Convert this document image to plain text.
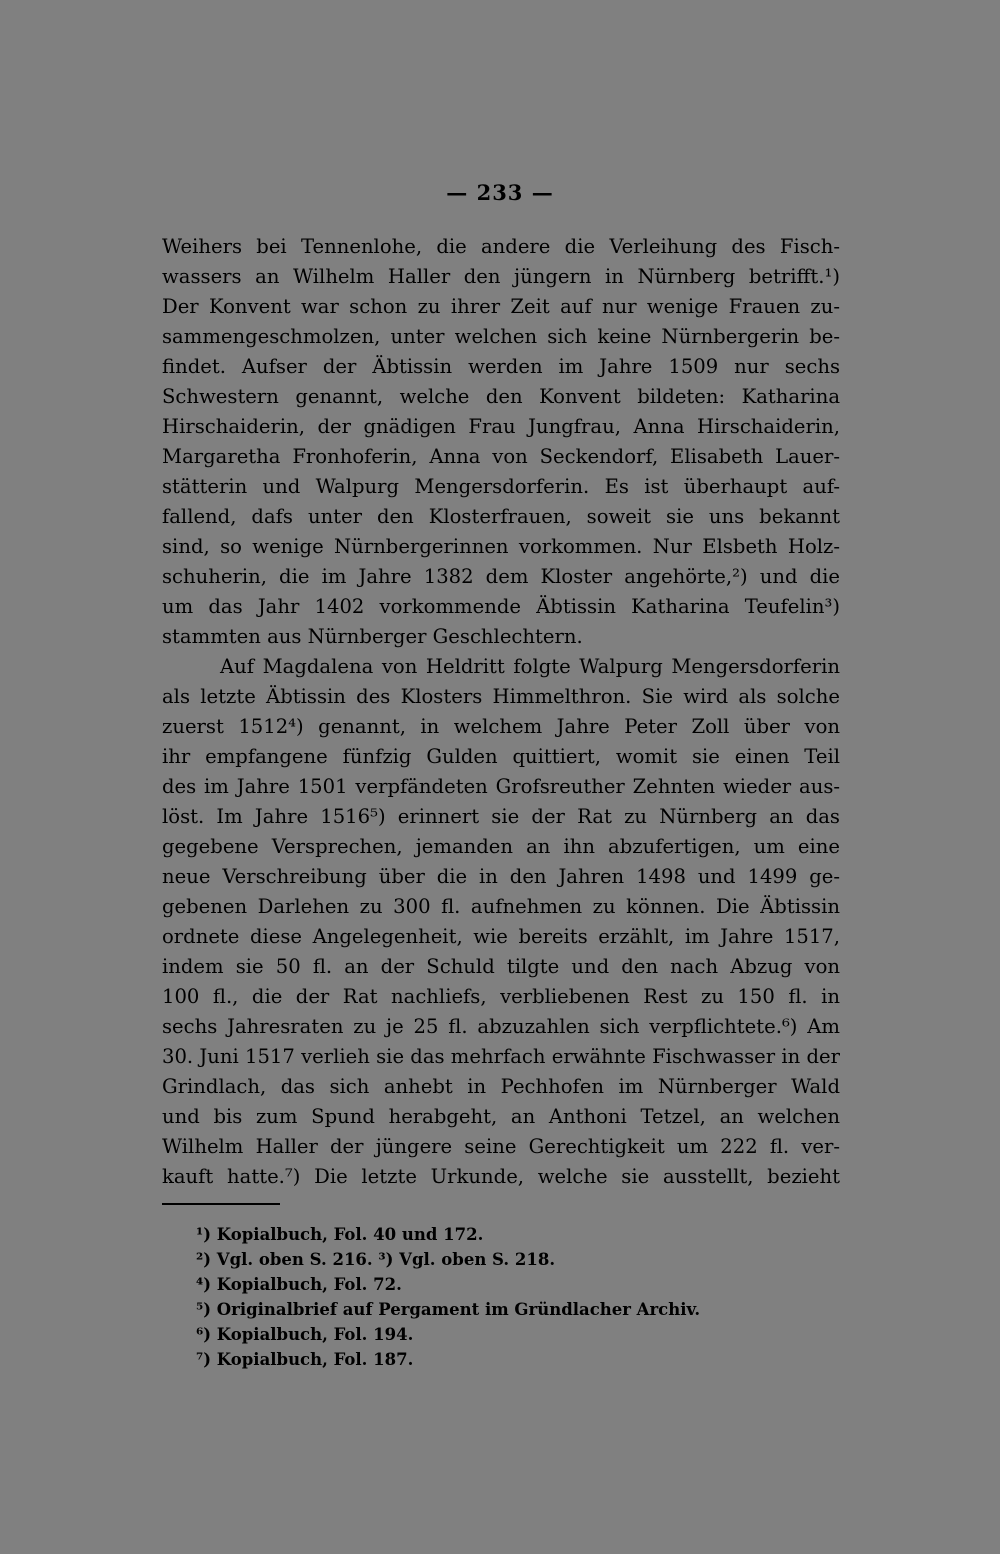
— 233 —
Weihers bei Tennenlohe, die andere die Verleihung des Fisch-
wassers an Wilhelm Haller den jüngern in Nürnberg betrifft.¹)
Der Konvent war schon zu ihrer Zeit auf nur wenige Frauen zu-
sammengeschmolzen, unter welchen sich keine Nürnbergerin be-
findet. Aufser der Äbtissin werden im Jahre 1509 nur sechs
Schwestern genannt, welche den Konvent bildeten: Katharina
Hirschaiderin, der gnädigen Frau Jungfrau, Anna Hirschaiderin,
Margaretha Fronhoferin, Anna von Seckendorf, Elisabeth Lauer-
stätterin und Walpurg Mengersdorferin. Es ist überhaupt auf-
fallend, dafs unter den Klosterfrauen, soweit sie uns bekannt
sind, so wenige Nürnbergerinnen vorkommen. Nur Elsbeth Holz-
schuherin, die im Jahre 1382 dem Kloster angehörte,²) und die
um das Jahr 1402 vorkommende Äbtissin Katharina Teufelin³)
stammten aus Nürnberger Geschlechtern.
Auf Magdalena von Heldritt folgte Walpurg Mengersdorferin
als letzte Äbtissin des Klosters Himmelthron. Sie wird als solche
zuerst 1512⁴) genannt, in welchem Jahre Peter Zoll über von
ihr empfangene fünfzig Gulden quittiert, womit sie einen Teil
des im Jahre 1501 verpfändeten Grofsreuther Zehnten wieder aus-
löst. Im Jahre 1516⁵) erinnert sie der Rat zu Nürnberg an das
gegebene Versprechen, jemanden an ihn abzufertigen, um eine
neue Verschreibung über die in den Jahren 1498 und 1499 ge-
gebenen Darlehen zu 300 fl. aufnehmen zu können. Die Äbtissin
ordnete diese Angelegenheit, wie bereits erzählt, im Jahre 1517,
indem sie 50 fl. an der Schuld tilgte und den nach Abzug von
100 fl., die der Rat nachliefs, verbliebenen Rest zu 150 fl. in
sechs Jahresraten zu je 25 fl. abzuzahlen sich verpflichtete.⁶) Am
30. Juni 1517 verlieh sie das mehrfach erwähnte Fischwasser in der
Grindlach, das sich anhebt in Pechhofen im Nürnberger Wald
und bis zum Spund herabgeht, an Anthoni Tetzel, an welchen
Wilhelm Haller der jüngere seine Gerechtigkeit um 222 fl. ver-
kauft hatte.⁷) Die letzte Urkunde, welche sie ausstellt, bezieht
¹) Kopialbuch, Fol. 40 und 172.
²) Vgl. oben S. 216. ³) Vgl. oben S. 218.
⁴) Kopialbuch, Fol. 72.
⁵) Originalbrief auf Pergament im Gründlacher Archiv.
⁶) Kopialbuch, Fol. 194.
⁷) Kopialbuch, Fol. 187.
